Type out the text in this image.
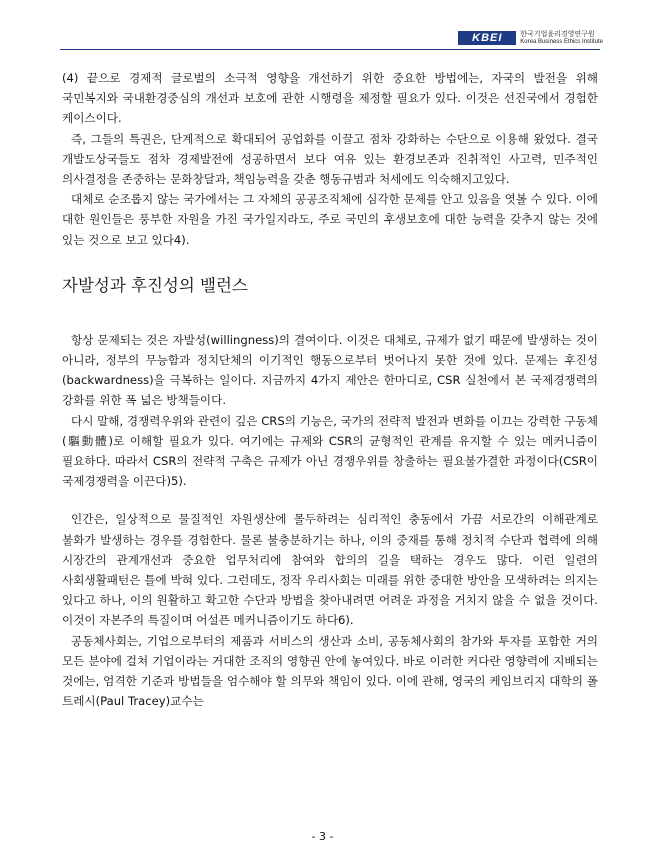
KBEI	한국기업윤리경영연구원
Korea Business Ethics Institute

(4) 끝으로 경제적 글로벌의 소극적 영향을 개선하기 위한 중요한 방법에는, 자국의 발전을 위해 국민복지와 국내환경중심의 개선과 보호에 관한 시행령을 제정할 필요가 있다. 이것은 선진국에서 경험한 케이스이다.

즉, 그들의 특권은, 단계적으로 확대되어 공업화를 이끌고 점차 강화하는 수단으로 이용해 왔었다. 결국 개발도상국들도 점차 경제발전에 성공하면서 보다 여유 있는 환경보존과 진취적인 사고력, 민주적인 의사결정을 존중하는 문화창달과, 책임능력을 갖춘 행동규범과 처세에도 익숙해지고있다.

대체로 순조롭지 않는 국가에서는 그 자체의 공공조직체에 심각한 문제를 안고 있음을 엿볼 수 있다. 이에 대한 원인들은 풍부한 자원을 가진 국가일지라도, 주로 국민의 후생보호에 대한 능력을 갖추지 않는 것에 있는 것으로 보고 있다4).

자발성과 후진성의 밸런스

항상 문제되는 것은 자발성(willingness)의 결여이다. 이것은 대체로, 규제가 없기 때문에 발생하는 것이 아니라, 정부의 무능함과 정치단체의 이기적인 행동으로부터 벗어나지 못한 것에 있다. 문제는 후진성(backwardness)을 극복하는 일이다. 지금까지 4가지 제안은 한마디로, CSR 실천에서 본 국제경쟁력의 강화를 위한 폭 넓은 방책들이다.

다시 말해, 경쟁력우위와 관련이 깊은 CRS의 기능은, 국가의 전략적 발전과 변화를 이끄는 강력한 구동체(驅動體)로 이해할 필요가 있다. 여기에는 규제와 CSR의 균형적인 관계를 유지할 수 있는 메커니즘이 필요하다. 따라서 CSR의 전략적 구축은 규제가 아닌 경쟁우위를 창출하는 필요불가결한 과정이다(CSR이 국제경쟁력을 이끈다)5).

인간은, 일상적으로 물질적인 자원생산에 몰두하려는 심리적인 충동에서 가끔 서로간의 이해관계로 불화가 발생하는 경우를 경험한다. 물론 불충분하기는 하나, 이의 중재를 통해 정치적 수단과 협력에 의해 시장간의 관계개선과 중요한 업무처리에 참여와 합의의 길을 택하는 경우도 많다. 이런 일련의 사회생활패턴은 틀에 박혀 있다. 그런데도, 정작 우리사회는 미래를 위한 중대한 방안을 모색하려는 의지는 있다고 하나, 이의 원활하고 확고한 수단과 방법을 찾아내려면 어려운 과정을 거치지 않을 수 없을 것이다. 이것이 자본주의 특질이며 어설픈 메커니즘이기도 하다6).

공동체사회는, 기업으로부터의 제품과 서비스의 생산과 소비, 공동체사회의 참가와 투자를 포함한 거의 모든 분야에 걸쳐 기업이라는 거대한 조직의 영향권 안에 놓여있다. 바로 이러한 커다란 영향력에 지배되는 것에는, 엄격한 기준과 방법들을 엄수해야 할 의무와 책임이 있다. 이에 관해, 영국의 케임브리지 대학의 폴 트레시(Paul Tracey)교수는

- 3 -
